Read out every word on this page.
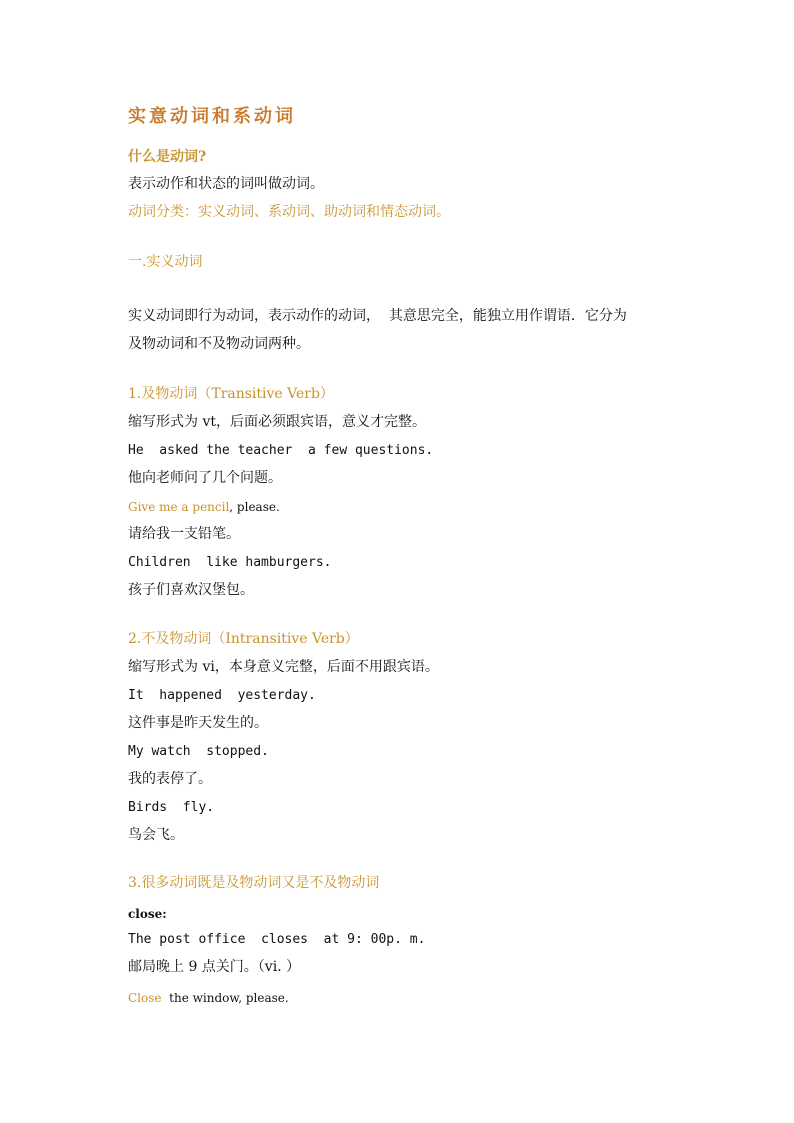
实意动词和系动词
什么是动词?
表示动作和状态的词叫做动词。
动词分类：实义动词、系动词、助动词和情态动词。
一.实义动词
实义动词即行为动词，表示动作的动词，  其意思完全，能独立用作谓语．它分为
及物动词和不及物动词两种。
1.及物动词（Transitive Verb）
缩写形式为 vt，后面必须跟宾语，意义才完整。
He  asked the teacher  a few questions.
他向老师问了几个问题。
Give me a pencil, please.
请给我一支铅笔。
Children  like hamburgers.
孩子们喜欢汉堡包。
2.不及物动词（Intransitive Verb）
缩写形式为 vi，本身意义完整，后面不用跟宾语。
It  happened  yesterday.
这件事是昨天发生的。
My watch  stopped.
我的表停了。
Birds  fly.
鸟会飞。
3.很多动词既是及物动词又是不及物动词
close:
The post office  closes  at 9: 00p. m.
邮局晚上 9 点关门。（vi. ）
Close  the window, please.
